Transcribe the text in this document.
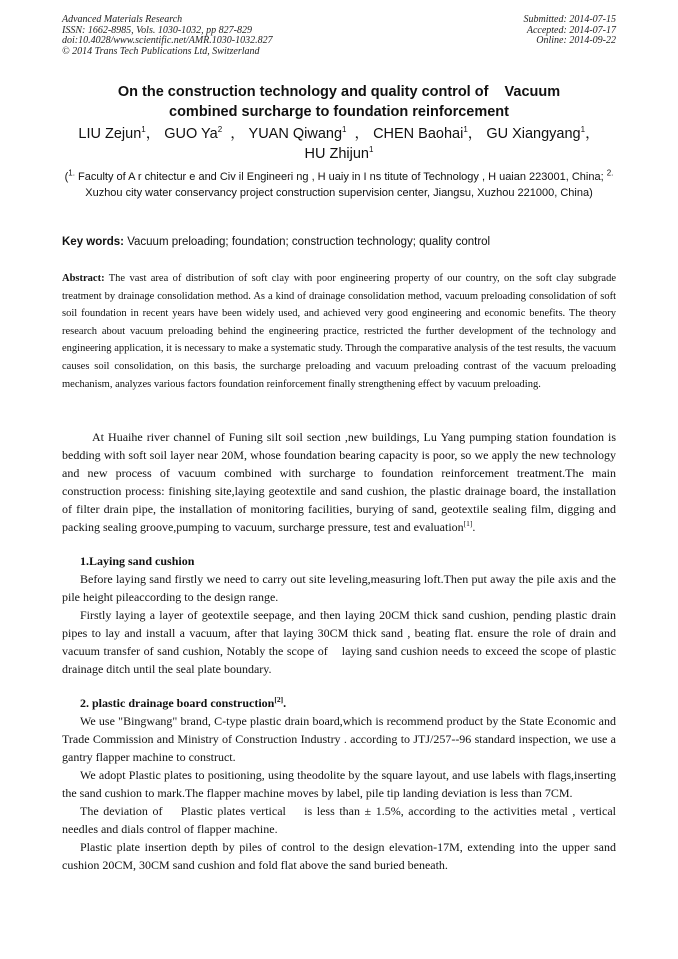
Advanced Materials Research
ISSN: 1662-8985, Vols. 1030-1032, pp 827-829
doi:10.4028/www.scientific.net/AMR.1030-1032.827
© 2014 Trans Tech Publications Ltd, Switzerland
Submitted: 2014-07-15
Accepted: 2014-07-17
Online: 2014-09-22
On the construction technology and quality control of    Vacuum
combined surcharge to foundation reinforcement
LIU Zejun$^1$， GUO Ya$^2$  ， YUAN Qiwang$^1$  ， CHEN Baohai$^1$， GU Xiangyang$^1$，
HU Zhijun$^1$
($^{1.}$ Faculty of A r chitectur e and Civ il Engineeri ng , H uaiy in I ns titute of Technology , H uaian 223001, China; $^{2.}$ Xuzhou city water conservancy project construction supervision center, Jiangsu, Xuzhou 221000, China)
Key words: Vacuum preloading; foundation; construction technology; quality control
Abstract: The vast area of distribution of soft clay with poor engineering property of our country, on the soft clay subgrade treatment by drainage consolidation method. As a kind of drainage consolidation method, vacuum preloading consolidation of soft soil foundation in recent years have been widely used, and achieved very good engineering and economic benefits. The theory research about vacuum preloading behind the engineering practice, restricted the further development of the technology and engineering application, it is necessary to make a systematic study. Through the comparative analysis of the test results, the vacuum causes soil consolidation, on this basis, the surcharge preloading and vacuum preloading contrast of the vacuum preloading mechanism, analyzes various factors foundation reinforcement finally strengthening effect by vacuum preloading.

At Huaihe river channel of Funing silt soil section ,new buildings, Lu Yang pumping station foundation is bedding with soft soil layer near 20M, whose foundation bearing capacity is poor, so we apply the new technology and new process of vacuum combined with surcharge to foundation reinforcement treatment.The main construction process: finishing site,laying geotextile and sand cushion, the plastic drainage board, the installation of filter drain pipe, the installation of monitoring facilities, burying of sand, geotextile sealing film, digging and packing sealing groove,pumping to vacuum, surcharge pressure, test and evaluation[1].

1.Laying sand cushion

Before laying sand firstly we need to carry out site leveling,measuring loft.Then put away the pile axis and the pile height pileaccording to the design range.

Firstly laying a layer of geotextile seepage, and then laying 20CM thick sand cushion, pending plastic drain pipes to lay and install a vacuum, after that laying 30CM thick sand , beating flat. ensure the role of drain and vacuum transfer of sand cushion, Notably the scope of    laying sand cushion needs to exceed the scope of plastic drainage ditch until the seal plate boundary.

2. plastic drainage board construction[2].

We use "Bingwang" brand, C-type plastic drain board,which is recommend product by the State Economic and Trade Commission and Ministry of Construction Industry . according to JTJ/257--96 standard inspection, we use a gantry flapper machine to construct.

We adopt Plastic plates to positioning, using theodolite by the square layout, and use labels with flags,inserting the sand cushion to mark.The flapper machine moves by label, pile tip landing deviation is less than 7CM.

The deviation of    Plastic plates vertical    is less than ± 1.5%, according to the activities metal , vertical needles and dials control of flapper machine.

Plastic plate insertion depth by piles of control to the design elevation-17M, extending into the upper sand cushion 20CM, 30CM sand cushion and fold flat above the sand buried beneath.
